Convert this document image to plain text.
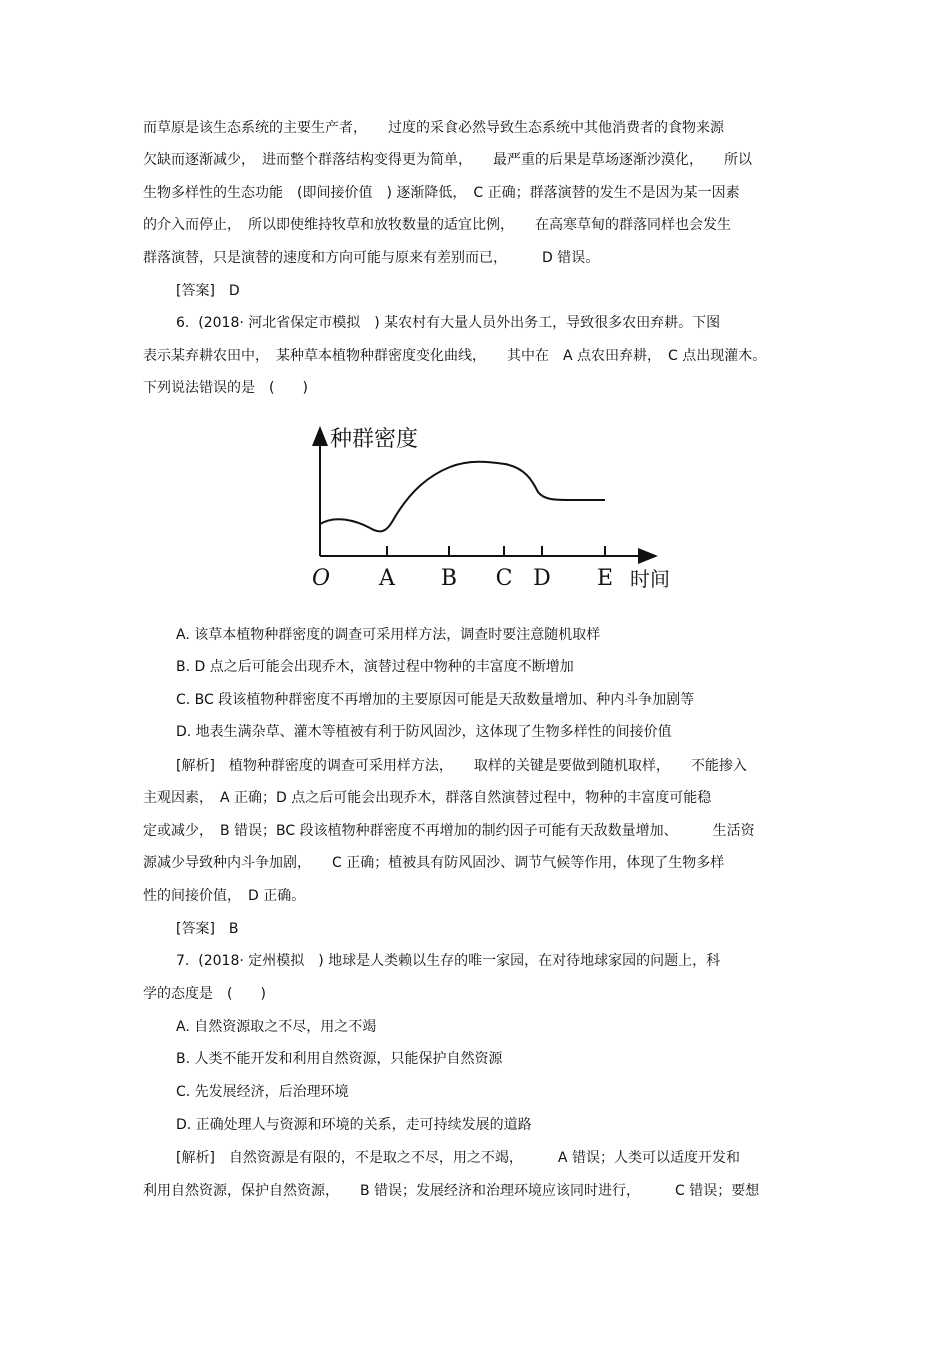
而草原是该生态系统的主要生产者，　　过度的采食必然导致生态系统中其他消费者的食物来源
欠缺而逐渐减少，　进而整个群落结构变得更为简单，　　最严重的后果是草场逐渐沙漠化，　　所以
生物多样性的生态功能　(即间接价值　) 逐渐降低，　C 正确；群落演替的发生不是因为某一因素
的介入而停止，　所以即使维持牧草和放牧数量的适宜比例，　　在高寒草甸的群落同样也会发生
群落演替，只是演替的速度和方向可能与原来有差别而已，　　　D 错误。
[答案]　D
6.  (2018· 河北省保定市模拟　) 某农村有大量人员外出务工，导致很多农田弃耕。下图
表示某弃耕农田中，　某种草本植物种群密度变化曲线，　　其中在　A 点农田弃耕，　C 点出现灌木。
下列说法错误的是　(　　)
种群密度
时间
O A B C D E
A. 该草本植物种群密度的调查可采用样方法，调查时要注意随机取样
B. D 点之后可能会出现乔木，演替过程中物种的丰富度不断增加
C. BC 段该植物种群密度不再增加的主要原因可能是天敌数量增加、种内斗争加剧等
D. 地表生满杂草、灌木等植被有利于防风固沙，这体现了生物多样性的间接价值
[解析]　植物种群密度的调查可采用样方法，　　取样的关键是要做到随机取样，　　不能掺入
主观因素，　A 正确；D 点之后可能会出现乔木，群落自然演替过程中，物种的丰富度可能稳
定或减少，　B 错误；BC 段该植物种群密度不再增加的制约因子可能有天敌数量增加、　　　生活资
源减少导致种内斗争加剧，　　C 正确；植被具有防风固沙、调节气候等作用，体现了生物多样
性的间接价值，　D 正确。
[答案]　B
7.  (2018· 定州模拟　) 地球是人类赖以生存的唯一家园，在对待地球家园的问题上，科
学的态度是　(　　)
A. 自然资源取之不尽，用之不竭
B. 人类不能开发和利用自然资源，只能保护自然资源
C. 先发展经济，后治理环境
D. 正确处理人与资源和环境的关系，走可持续发展的道路
[解析]　自然资源是有限的，不是取之不尽，用之不竭，　　　A 错误；人类可以适度开发和
利用自然资源，保护自然资源，　　B 错误；发展经济和治理环境应该同时进行，　　　C 错误；要想
